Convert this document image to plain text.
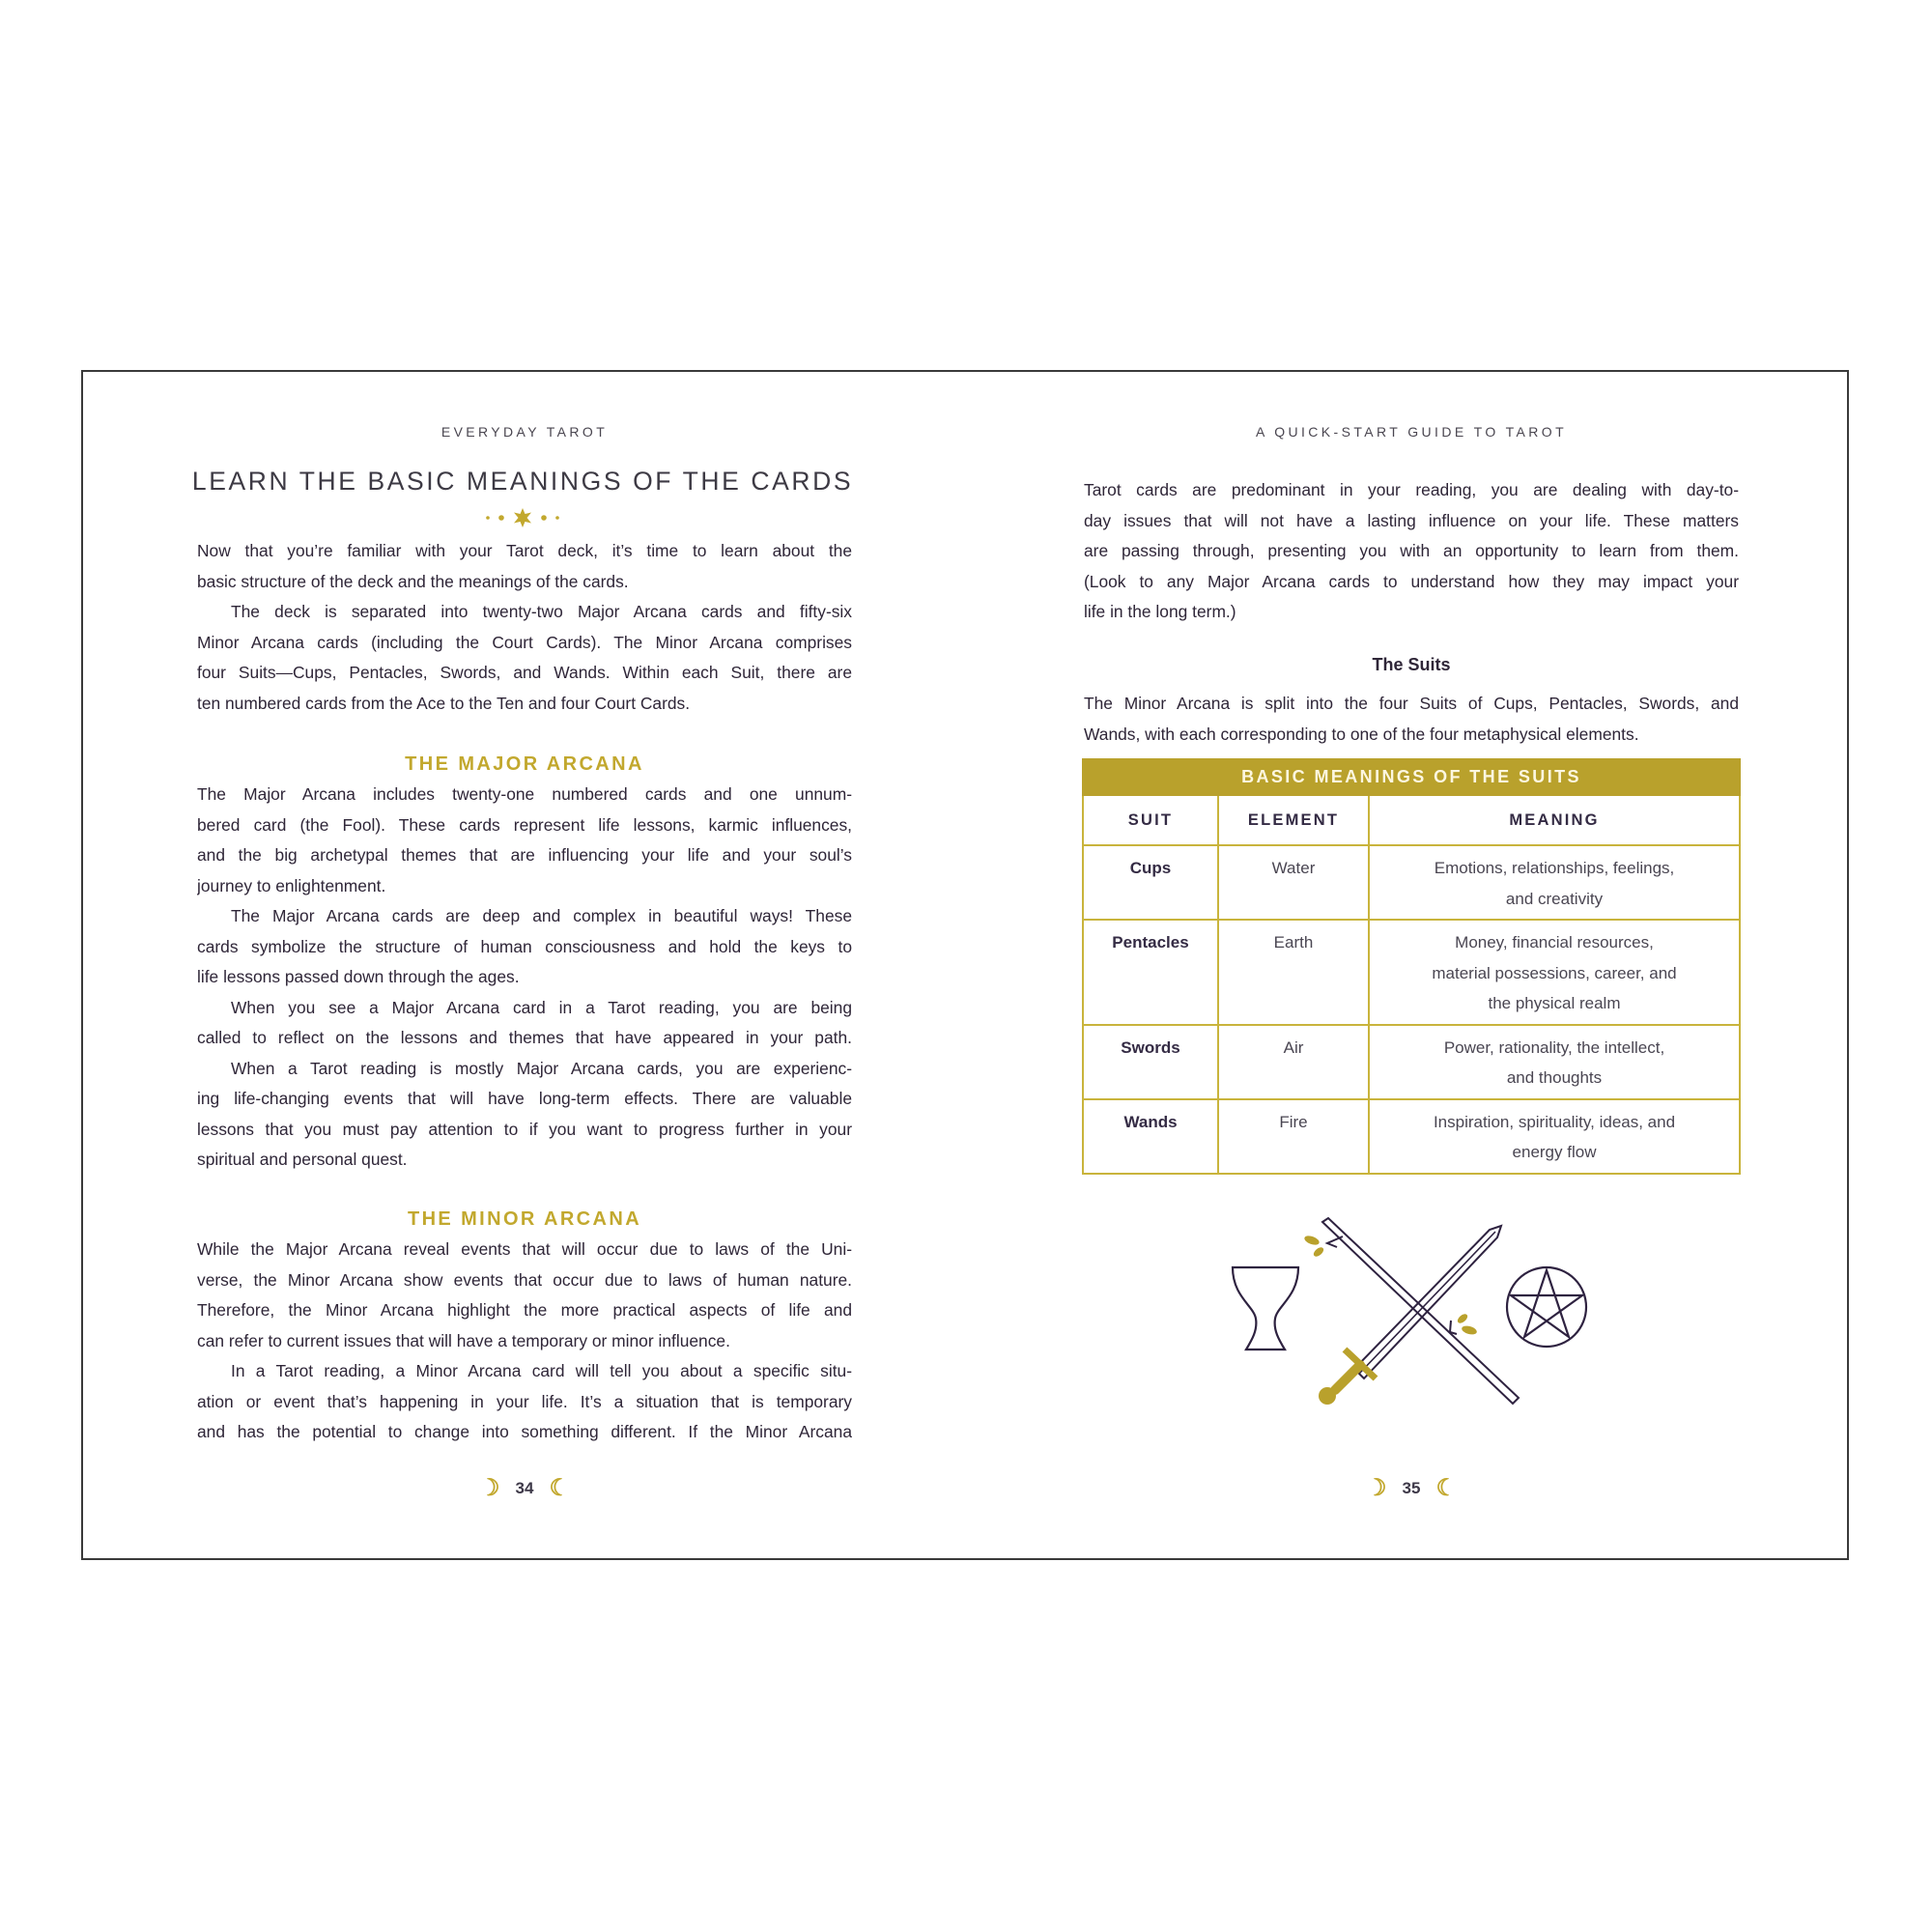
EVERYDAY TAROT
LEARN THE BASIC MEANINGS OF THE CARDS
Now that you’re familiar with your Tarot deck, it’s time to learn about the
basic structure of the deck and the meanings of the cards.
The deck is separated into twenty-two Major Arcana cards and fifty-six
Minor Arcana cards (including the Court Cards). The Minor Arcana comprises
four Suits—Cups, Pentacles, Swords, and Wands. Within each Suit, there are
ten numbered cards from the Ace to the Ten and four Court Cards.
THE MAJOR ARCANA
The Major Arcana includes twenty-one numbered cards and one unnum-
bered card (the Fool). These cards represent life lessons, karmic influences,
and the big archetypal themes that are influencing your life and your soul’s
journey to enlightenment.
The Major Arcana cards are deep and complex in beautiful ways! These
cards symbolize the structure of human consciousness and hold the keys to
life lessons passed down through the ages.
When you see a Major Arcana card in a Tarot reading, you are being
called to reflect on the lessons and themes that have appeared in your path.
When a Tarot reading is mostly Major Arcana cards, you are experienc-
ing life-changing events that will have long-term effects. There are valuable
lessons that you must pay attention to if you want to progress further in your
spiritual and personal quest.
THE MINOR ARCANA
While the Major Arcana reveal events that will occur due to laws of the Uni-
verse, the Minor Arcana show events that occur due to laws of human nature.
Therefore, the Minor Arcana highlight the more practical aspects of life and
can refer to current issues that will have a temporary or minor influence.
In a Tarot reading, a Minor Arcana card will tell you about a specific situ-
ation or event that’s happening in your life. It’s a situation that is temporary
and has the potential to change into something different. If the Minor Arcana
☾ 34 ☾
A QUICK-START GUIDE TO TAROT
Tarot cards are predominant in your reading, you are dealing with day-to-
day issues that will not have a lasting influence on your life. These matters
are passing through, presenting you with an opportunity to learn from them.
(Look to any Major Arcana cards to understand how they may impact your
life in the long term.)
The Suits
The Minor Arcana is split into the four Suits of Cups, Pentacles, Swords, and
Wands, with each corresponding to one of the four metaphysical elements.
BASIC MEANINGS OF THE SUITS		
SUIT	ELEMENT	MEANING
Cups	Water	Emotions, relationships, feelings,
and creativity

Pentacles	Earth	Money, financial resources,
material possessions, career, and
the physical realm

Swords	Air	Power, rationality, the intellect,
and thoughts

Wands	Fire	Inspiration, spirituality, ideas, and
energy flow
☾ 35 ☾
